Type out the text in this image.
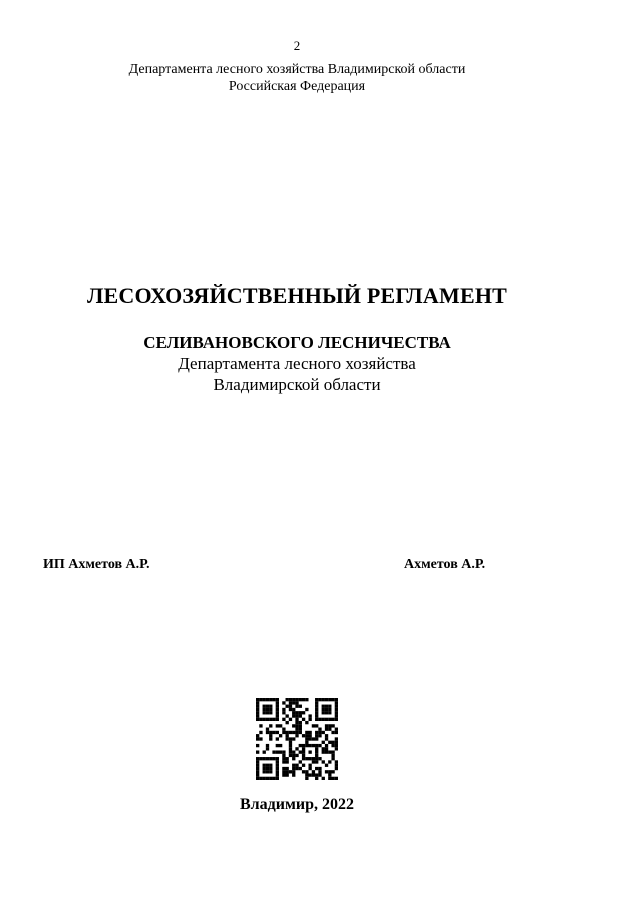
2
Департамента лесного хозяйства Владимирской области
Российская Федерация
ЛЕСОХОЗЯЙСТВЕННЫЙ РЕГЛАМЕНТ
СЕЛИВАНОВСКОГО ЛЕСНИЧЕСТВА
Департамента лесного хозяйства
Владимирской области
ИП Ахметов А.Р.	Ахметов А.Р.
Владимир, 2022
